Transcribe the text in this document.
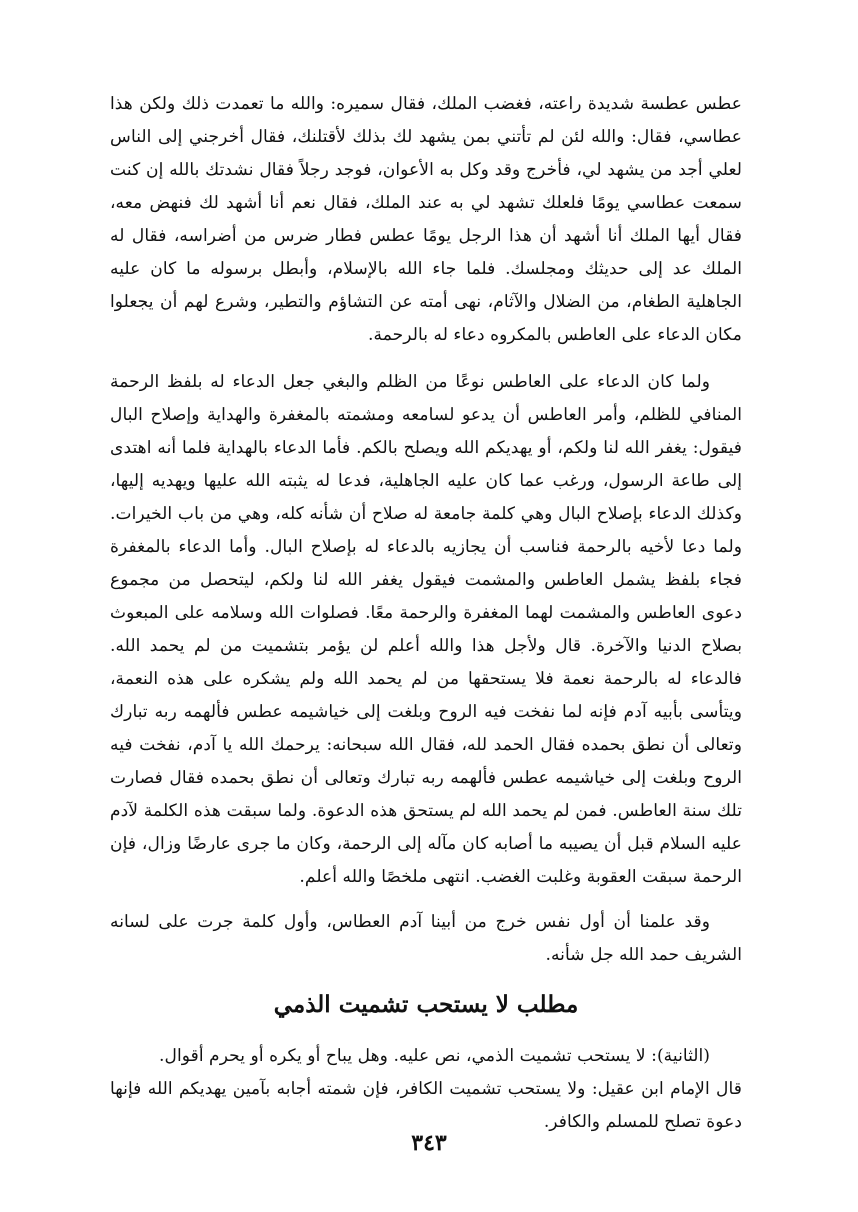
عطس عطسة شديدة راعته، فغضب الملك، فقال سميره: والله ما تعمدت ذلك ولكن هذا عطاسي، فقال: والله لئن لم تأتني بمن يشهد لك بذلك لأقتلنك، فقال أخرجني إلى الناس لعلي أجد من يشهد لي، فأخرج وقد وكل به الأعوان، فوجد رجلاً فقال نشدتك بالله إن كنت سمعت عطاسي يومًا فلعلك تشهد لي به عند الملك، فقال نعم أنا أشهد لك فنهض معه، فقال أيها الملك أنا أشهد أن هذا الرجل يومًا عطس فطار ضرس من أضراسه، فقال له الملك عد إلى حديثك ومجلسك. فلما جاء الله بالإسلام، وأبطل برسوله ما كان عليه الجاهلية الطغام، من الضلال والآثام، نهى أمته عن التشاؤم والتطير، وشرع لهم أن يجعلوا مكان الدعاء على العاطس بالمكروه دعاء له بالرحمة.

ولما كان الدعاء على العاطس نوعًا من الظلم والبغي جعل الدعاء له بلفظ الرحمة المنافي للظلم، وأمر العاطس أن يدعو لسامعه ومشمته بالمغفرة والهداية وإصلاح البال فيقول: يغفر الله لنا ولكم، أو يهديكم الله ويصلح بالكم. فأما الدعاء بالهداية فلما أنه اهتدى إلى طاعة الرسول، ورغب عما كان عليه الجاهلية، فدعا له يثبته الله عليها ويهديه إليها، وكذلك الدعاء بإصلاح البال وهي كلمة جامعة له صلاح أن شأنه كله، وهي من باب الخيرات. ولما دعا لأخيه بالرحمة فناسب أن يجازيه بالدعاء له بإصلاح البال. وأما الدعاء بالمغفرة فجاء بلفظ يشمل العاطس والمشمت فيقول يغفر الله لنا ولكم، ليتحصل من مجموع دعوى العاطس والمشمت لهما المغفرة والرحمة معًا. فصلوات الله وسلامه على المبعوث بصلاح الدنيا والآخرة. قال ولأجل هذا والله أعلم لن يؤمر بتشميت من لم يحمد الله. فالدعاء له بالرحمة نعمة فلا يستحقها من لم يحمد الله ولم يشكره على هذه النعمة، ويتأسى بأبيه آدم فإنه لما نفخت فيه الروح وبلغت إلى خياشيمه عطس فألهمه ربه تبارك وتعالى أن نطق بحمده فقال الحمد لله، فقال الله سبحانه: يرحمك الله يا آدم، نفخت فيه الروح وبلغت إلى خياشيمه عطس فألهمه ربه تبارك وتعالى أن نطق بحمده فقال فصارت تلك سنة العاطس. فمن لم يحمد الله لم يستحق هذه الدعوة. ولما سبقت هذه الكلمة لآدم عليه السلام قبل أن يصيبه ما أصابه كان مآله إلى الرحمة، وكان ما جرى عارضًا وزال، فإن الرحمة سبقت العقوبة وغلبت الغضب. انتهى ملخصًا والله أعلم.

وقد علمنا أن أول نفس خرج من أبينا آدم العطاس، وأول كلمة جرت على لسانه الشريف حمد الله جل شأنه.

مطلب لا يستحب تشميت الذمي

(الثانية): لا يستحب تشميت الذمي، نص عليه. وهل يباح أو يكره أو يحرم أقوال.

قال الإمام ابن عقيل: ولا يستحب تشميت الكافر، فإن شمته أجابه بآمين يهديكم الله فإنها دعوة تصلح للمسلم والكافر.

٣٤٣
